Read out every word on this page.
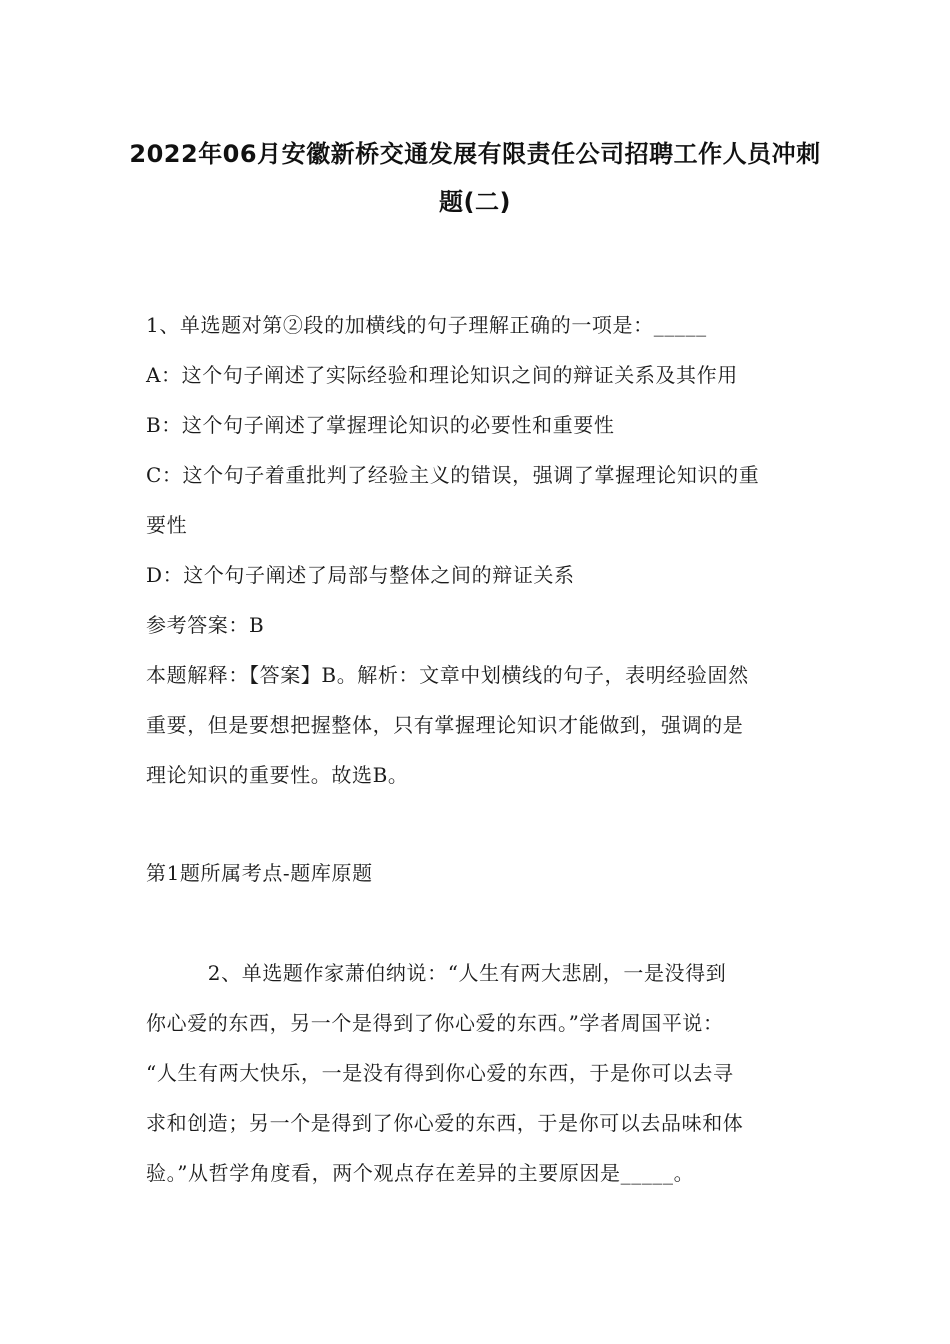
2022年06月安徽新桥交通发展有限责任公司招聘工作人员冲刺
题(二)
1、单选题对第②段的加横线的句子理解正确的一项是：_____
A：这个句子阐述了实际经验和理论知识之间的辩证关系及其作用
B：这个句子阐述了掌握理论知识的必要性和重要性
C：这个句子着重批判了经验主义的错误，强调了掌握理论知识的重
要性
D：这个句子阐述了局部与整体之间的辩证关系
参考答案：B
本题解释：【答案】B。解析：文章中划横线的句子，表明经验固然
重要，但是要想把握整体，只有掌握理论知识才能做到，强调的是
理论知识的重要性。故选B。
第1题所属考点-题库原题
　　　2、单选题作家萧伯纳说：“人生有两大悲剧，一是没得到
你心爱的东西，另一个是得到了你心爱的东西。”学者周国平说：
“人生有两大快乐，一是没有得到你心爱的东西，于是你可以去寻
求和创造；另一个是得到了你心爱的东西，于是你可以去品味和体
验。”从哲学角度看，两个观点存在差异的主要原因是_____。
